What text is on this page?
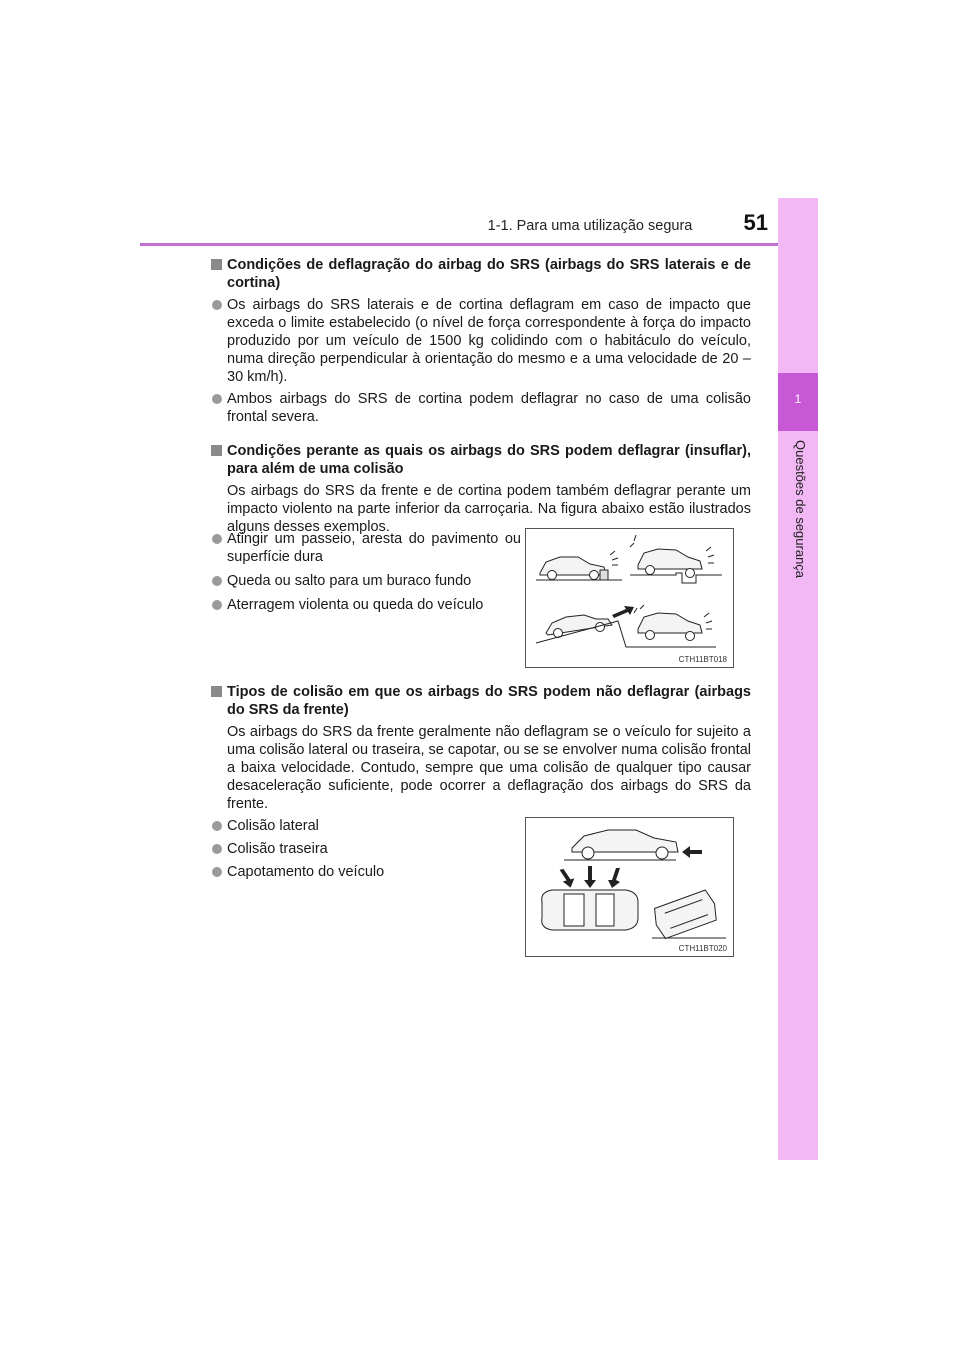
1-1. Para uma utilização segura	51
1
Questões de segurança
Condições de deflagração do airbag do SRS (airbags do SRS laterais e de cortina)
Os airbags do SRS laterais e de cortina deflagram em caso de impacto que exceda o limite estabelecido (o nível de força correspondente à força do impacto produzido por um veículo de 1500 kg colidindo com o habitáculo do veículo, numa direção perpendicular à orientação do mesmo e a uma velocidade de 20 – 30 km/h).
Ambos airbags do SRS de cortina podem deflagrar no caso de uma colisão frontal severa.
Condições perante as quais os airbags do SRS podem deflagrar (insuflar), para além de uma colisão
Os airbags do SRS da frente e de cortina podem também deflagrar perante um impacto violento na parte inferior da carroçaria. Na figura abaixo estão ilustrados alguns desses exemplos.
Atingir um passeio, aresta do pavimento ou superfície dura
Queda ou salto para um buraco fundo
Aterragem violenta ou queda do veículo
CTH11BT018
Tipos de colisão em que os airbags do SRS podem não deflagrar (airbags do SRS da frente)
Os airbags do SRS da frente geralmente não deflagram se o veículo for sujeito a uma colisão lateral ou traseira, se capotar, ou se se envolver numa colisão frontal a baixa velocidade. Contudo, sempre que uma colisão de qualquer tipo causar desaceleração suficiente, pode ocorrer a deflagração dos airbags do SRS da frente.
Colisão lateral
Colisão traseira
Capotamento do veículo
CTH11BT020
